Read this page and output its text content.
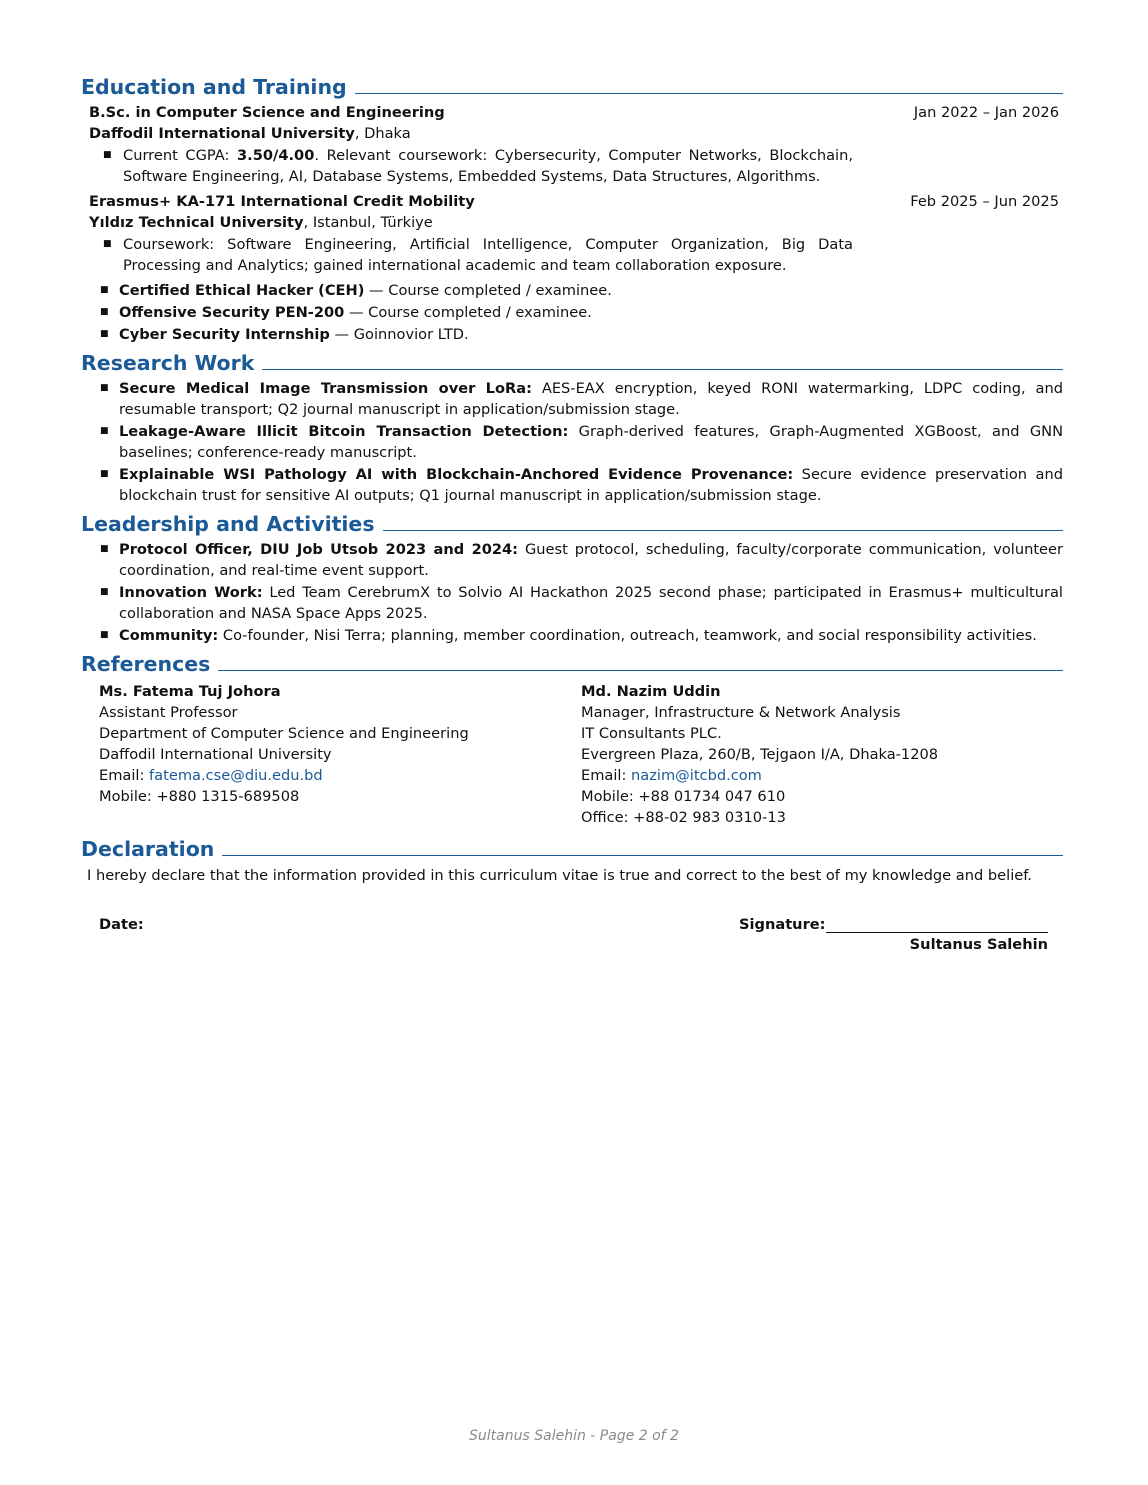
Education and Training
B.Sc. in Computer Science and Engineering	Jan 2022 – Jan 2026
Daffodil International University, Dhaka
■ Current CGPA: 3.50/4.00. Relevant coursework: Cybersecurity, Computer Networks, Blockchain, Software Engineering, AI, Database Systems, Embedded Systems, Data Structures, Algorithms.
Erasmus+ KA-171 International Credit Mobility	Feb 2025 – Jun 2025
Yıldız Technical University, Istanbul, Türkiye
■ Coursework: Software Engineering, Artificial Intelligence, Computer Organization, Big Data Processing and Analytics; gained international academic and team collaboration exposure.
■ Certified Ethical Hacker (CEH) — Course completed / examinee.
■ Offensive Security PEN-200 — Course completed / examinee.
■ Cyber Security Internship — Goinnovior LTD.
Research Work
■ Secure Medical Image Transmission over LoRa: AES-EAX encryption, keyed RONI watermarking, LDPC coding, and resumable transport; Q2 journal manuscript in application/submission stage.
■ Leakage-Aware Illicit Bitcoin Transaction Detection: Graph-derived features, Graph-Augmented XGBoost, and GNN baselines; conference-ready manuscript.
■ Explainable WSI Pathology AI with Blockchain-Anchored Evidence Provenance: Secure evidence preservation and blockchain trust for sensitive AI outputs; Q1 journal manuscript in application/submission stage.
Leadership and Activities
■ Protocol Officer, DIU Job Utsob 2023 and 2024: Guest protocol, scheduling, faculty/corporate communication, volunteer coordination, and real-time event support.
■ Innovation Work: Led Team CerebrumX to Solvio AI Hackathon 2025 second phase; participated in Erasmus+ multicultural collaboration and NASA Space Apps 2025.
■ Community: Co-founder, Nisi Terra; planning, member coordination, outreach, teamwork, and social responsibility activities.
References
Ms. Fatema Tuj Johora
Assistant Professor
Department of Computer Science and Engineering
Daffodil International University
Email: fatema.cse@diu.edu.bd
Mobile: +880 1315-689508
Md. Nazim Uddin
Manager, Infrastructure & Network Analysis
IT Consultants PLC.
Evergreen Plaza, 260/B, Tejgaon I/A, Dhaka-1208
Email: nazim@itcbd.com
Mobile: +88 01734 047 610
Office: +88-02 983 0310-13
Declaration
I hereby declare that the information provided in this curriculum vitae is true and correct to the best of my knowledge and belief.
Date:	Signature:
Sultanus Salehin
Sultanus Salehin - Page 2 of 2
